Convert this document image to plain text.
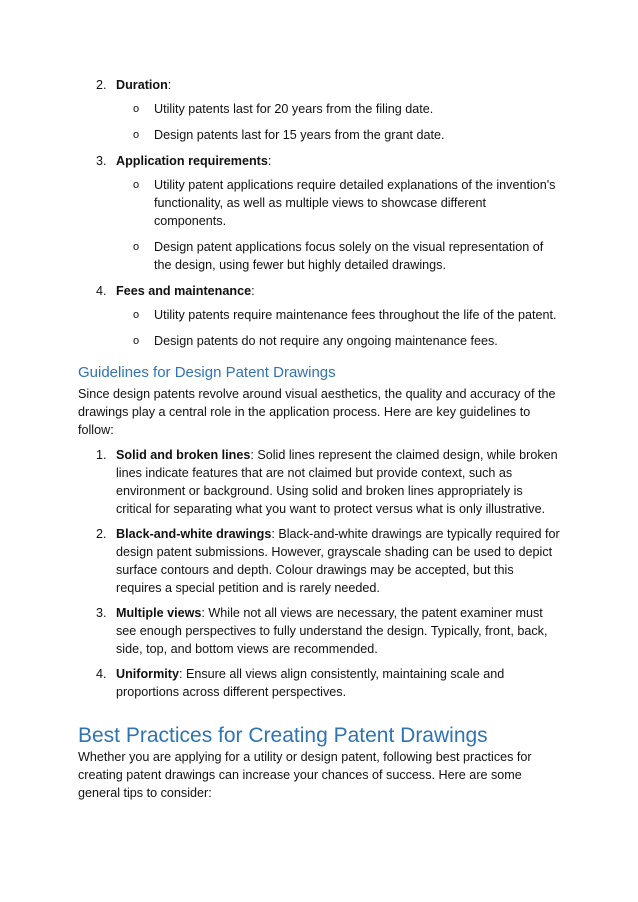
2. Duration:
o Utility patents last for 20 years from the filing date.
o Design patents last for 15 years from the grant date.
3. Application requirements:
o Utility patent applications require detailed explanations of the invention's functionality, as well as multiple views to showcase different components.
o Design patent applications focus solely on the visual representation of the design, using fewer but highly detailed drawings.
4. Fees and maintenance:
o Utility patents require maintenance fees throughout the life of the patent.
o Design patents do not require any ongoing maintenance fees.
Guidelines for Design Patent Drawings

Since design patents revolve around visual aesthetics, the quality and accuracy of the drawings play a central role in the application process. Here are key guidelines to follow:

1. Solid and broken lines: Solid lines represent the claimed design, while broken lines indicate features that are not claimed but provide context, such as environment or background. Using solid and broken lines appropriately is critical for separating what you want to protect versus what is only illustrative.
2. Black-and-white drawings: Black-and-white drawings are typically required for design patent submissions. However, grayscale shading can be used to depict surface contours and depth. Colour drawings may be accepted, but this requires a special petition and is rarely needed.
3. Multiple views: While not all views are necessary, the patent examiner must see enough perspectives to fully understand the design. Typically, front, back, side, top, and bottom views are recommended.
4. Uniformity: Ensure all views align consistently, maintaining scale and proportions across different perspectives.
Best Practices for Creating Patent Drawings

Whether you are applying for a utility or design patent, following best practices for creating patent drawings can increase your chances of success. Here are some general tips to consider:
